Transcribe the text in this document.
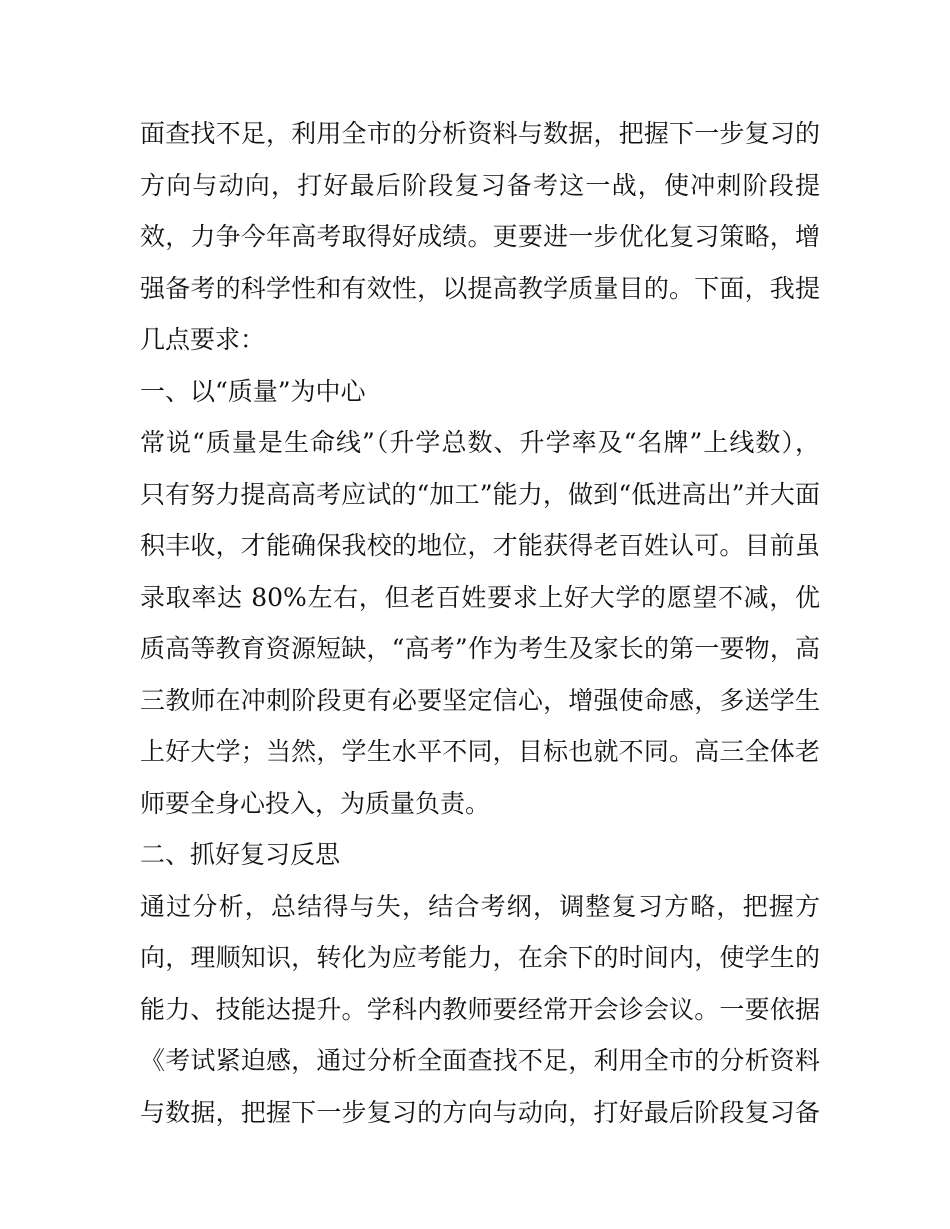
面查找不足，利用全市的分析资料与数据，把握下一步复习的
方向与动向，打好最后阶段复习备考这一战，使冲刺阶段提
效，力争今年高考取得好成绩。更要进一步优化复习策略，增
强备考的科学性和有效性，以提高教学质量目的。下面，我提
几点要求：
一、以“质量”为中心
常说“质量是生命线”（升学总数、升学率及“名牌”上线数），
只有努力提高高考应试的“加工”能力，做到“低进高出”并大面
积丰收，才能确保我校的地位，才能获得老百姓认可。目前虽
录取率达 80%左右，但老百姓要求上好大学的愿望不减，优
质高等教育资源短缺，“高考”作为考生及家长的第一要物，高
三教师在冲刺阶段更有必要坚定信心，增强使命感，多送学生
上好大学；当然，学生水平不同，目标也就不同。高三全体老
师要全身心投入，为质量负责。
二、抓好复习反思
通过分析，总结得与失，结合考纲，调整复习方略，把握方
向，理顺知识，转化为应考能力，在余下的时间内，使学生的
能力、技能达提升。学科内教师要经常开会诊会议。一要依据
《考试紧迫感，通过分析全面查找不足，利用全市的分析资料
与数据，把握下一步复习的方向与动向，打好最后阶段复习备
